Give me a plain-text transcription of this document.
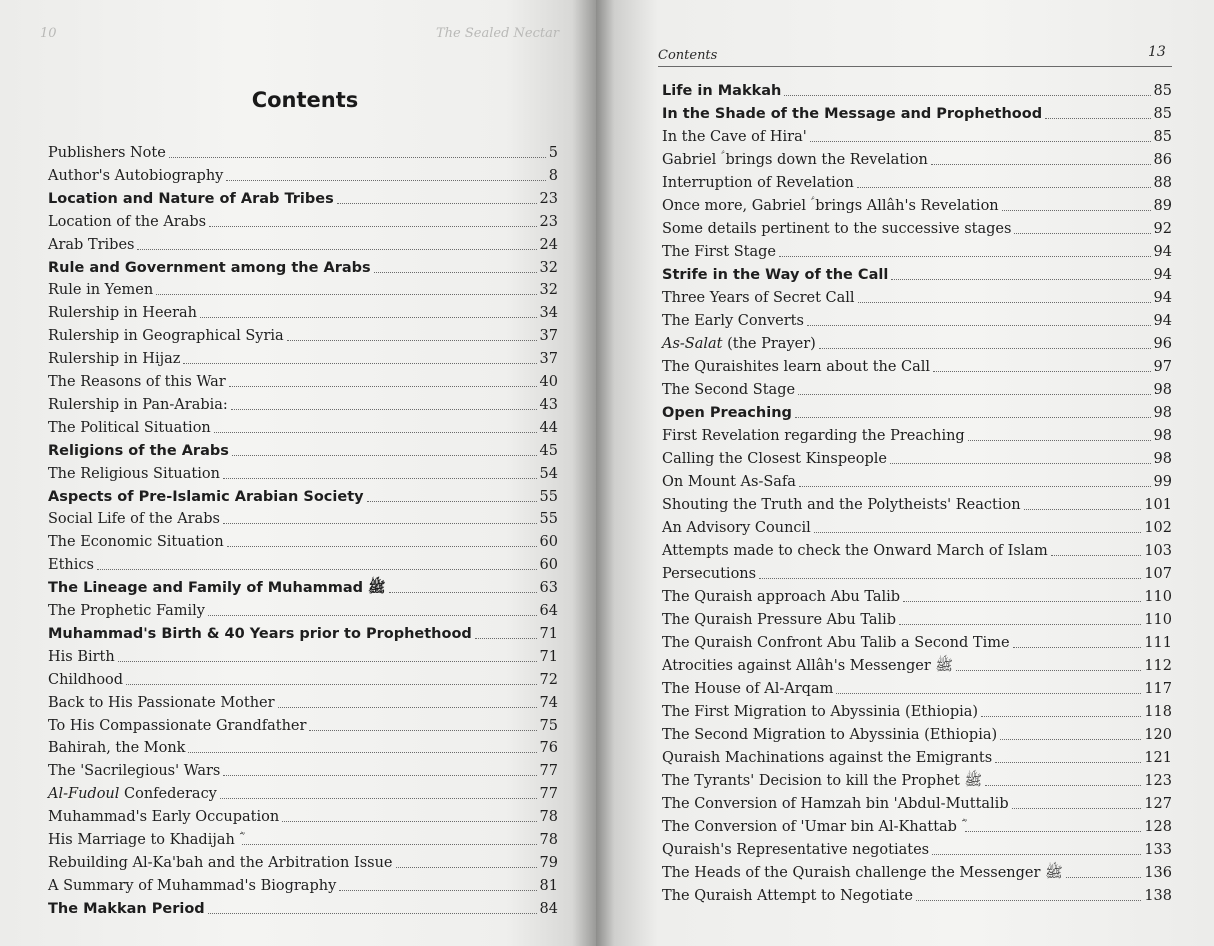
10	The Sealed Nectar
Contents
Contents	13
Publishers Note	5
Author's Autobiography	8
Location and Nature of Arab Tribes	23
Location of the Arabs	23
Arab Tribes	24
Rule and Government among the Arabs	32
Rule in Yemen	32
Rulership in Heerah	34
Rulership in Geographical Syria	37
Rulership in Hijaz	37
The Reasons of this War	40
Rulership in Pan-Arabia:	43
The Political Situation	44
Religions of the Arabs	45
The Religious Situation	54
Aspects of Pre-Islamic Arabian Society	55
Social Life of the Arabs	55
The Economic Situation	60
Ethics	60
The Lineage and Family of Muhammad ﷺ	63
The Prophetic Family	64
Muhammad's Birth & 40 Years prior to Prophethood	71
His Birth	71
Childhood	72
Back to His Passionate Mother	74
To His Compassionate Grandfather	75
Bahirah, the Monk	76
The 'Sacrilegious' Wars	77
Al-Fudoul Confederacy	77
Muhammad's Early Occupation	78
His Marriage to Khadijah ؓ	78
Rebuilding Al-Ka'bah and the Arbitration Issue	79
A Summary of Muhammad's Biography	81
The Makkan Period	84
Life in Makkah	85
In the Shade of the Message and Prophethood	85
In the Cave of Hira'	85
Gabriel ؑ brings down the Revelation	86
Interruption of Revelation	88
Once more, Gabriel ؑ brings Allâh's Revelation	89
Some details pertinent to the successive stages	92
The First Stage	94
Strife in the Way of the Call	94
Three Years of Secret Call	94
The Early Converts	94
As-Salat (the Prayer)	96
The Quraishites learn about the Call	97
The Second Stage	98
Open Preaching	98
First Revelation regarding the Preaching	98
Calling the Closest Kinspeople	98
On Mount As-Safa	99
Shouting the Truth and the Polytheists' Reaction	101
An Advisory Council	102
Attempts made to check the Onward March of Islam	103
Persecutions	107
The Quraish approach Abu Talib	110
The Quraish Pressure Abu Talib	110
The Quraish Confront Abu Talib a Second Time	111
Atrocities against Allâh's Messenger ﷺ	112
The House of Al-Arqam	117
The First Migration to Abyssinia (Ethiopia)	118
The Second Migration to Abyssinia (Ethiopia)	120
Quraish Machinations against the Emigrants	121
The Tyrants' Decision to kill the Prophet ﷺ	123
The Conversion of Hamzah bin 'Abdul-Muttalib	127
The Conversion of 'Umar bin Al-Khattab ؓ	128
Quraish's Representative negotiates	133
The Heads of the Quraish challenge the Messenger ﷺ	136
The Quraish Attempt to Negotiate	138
